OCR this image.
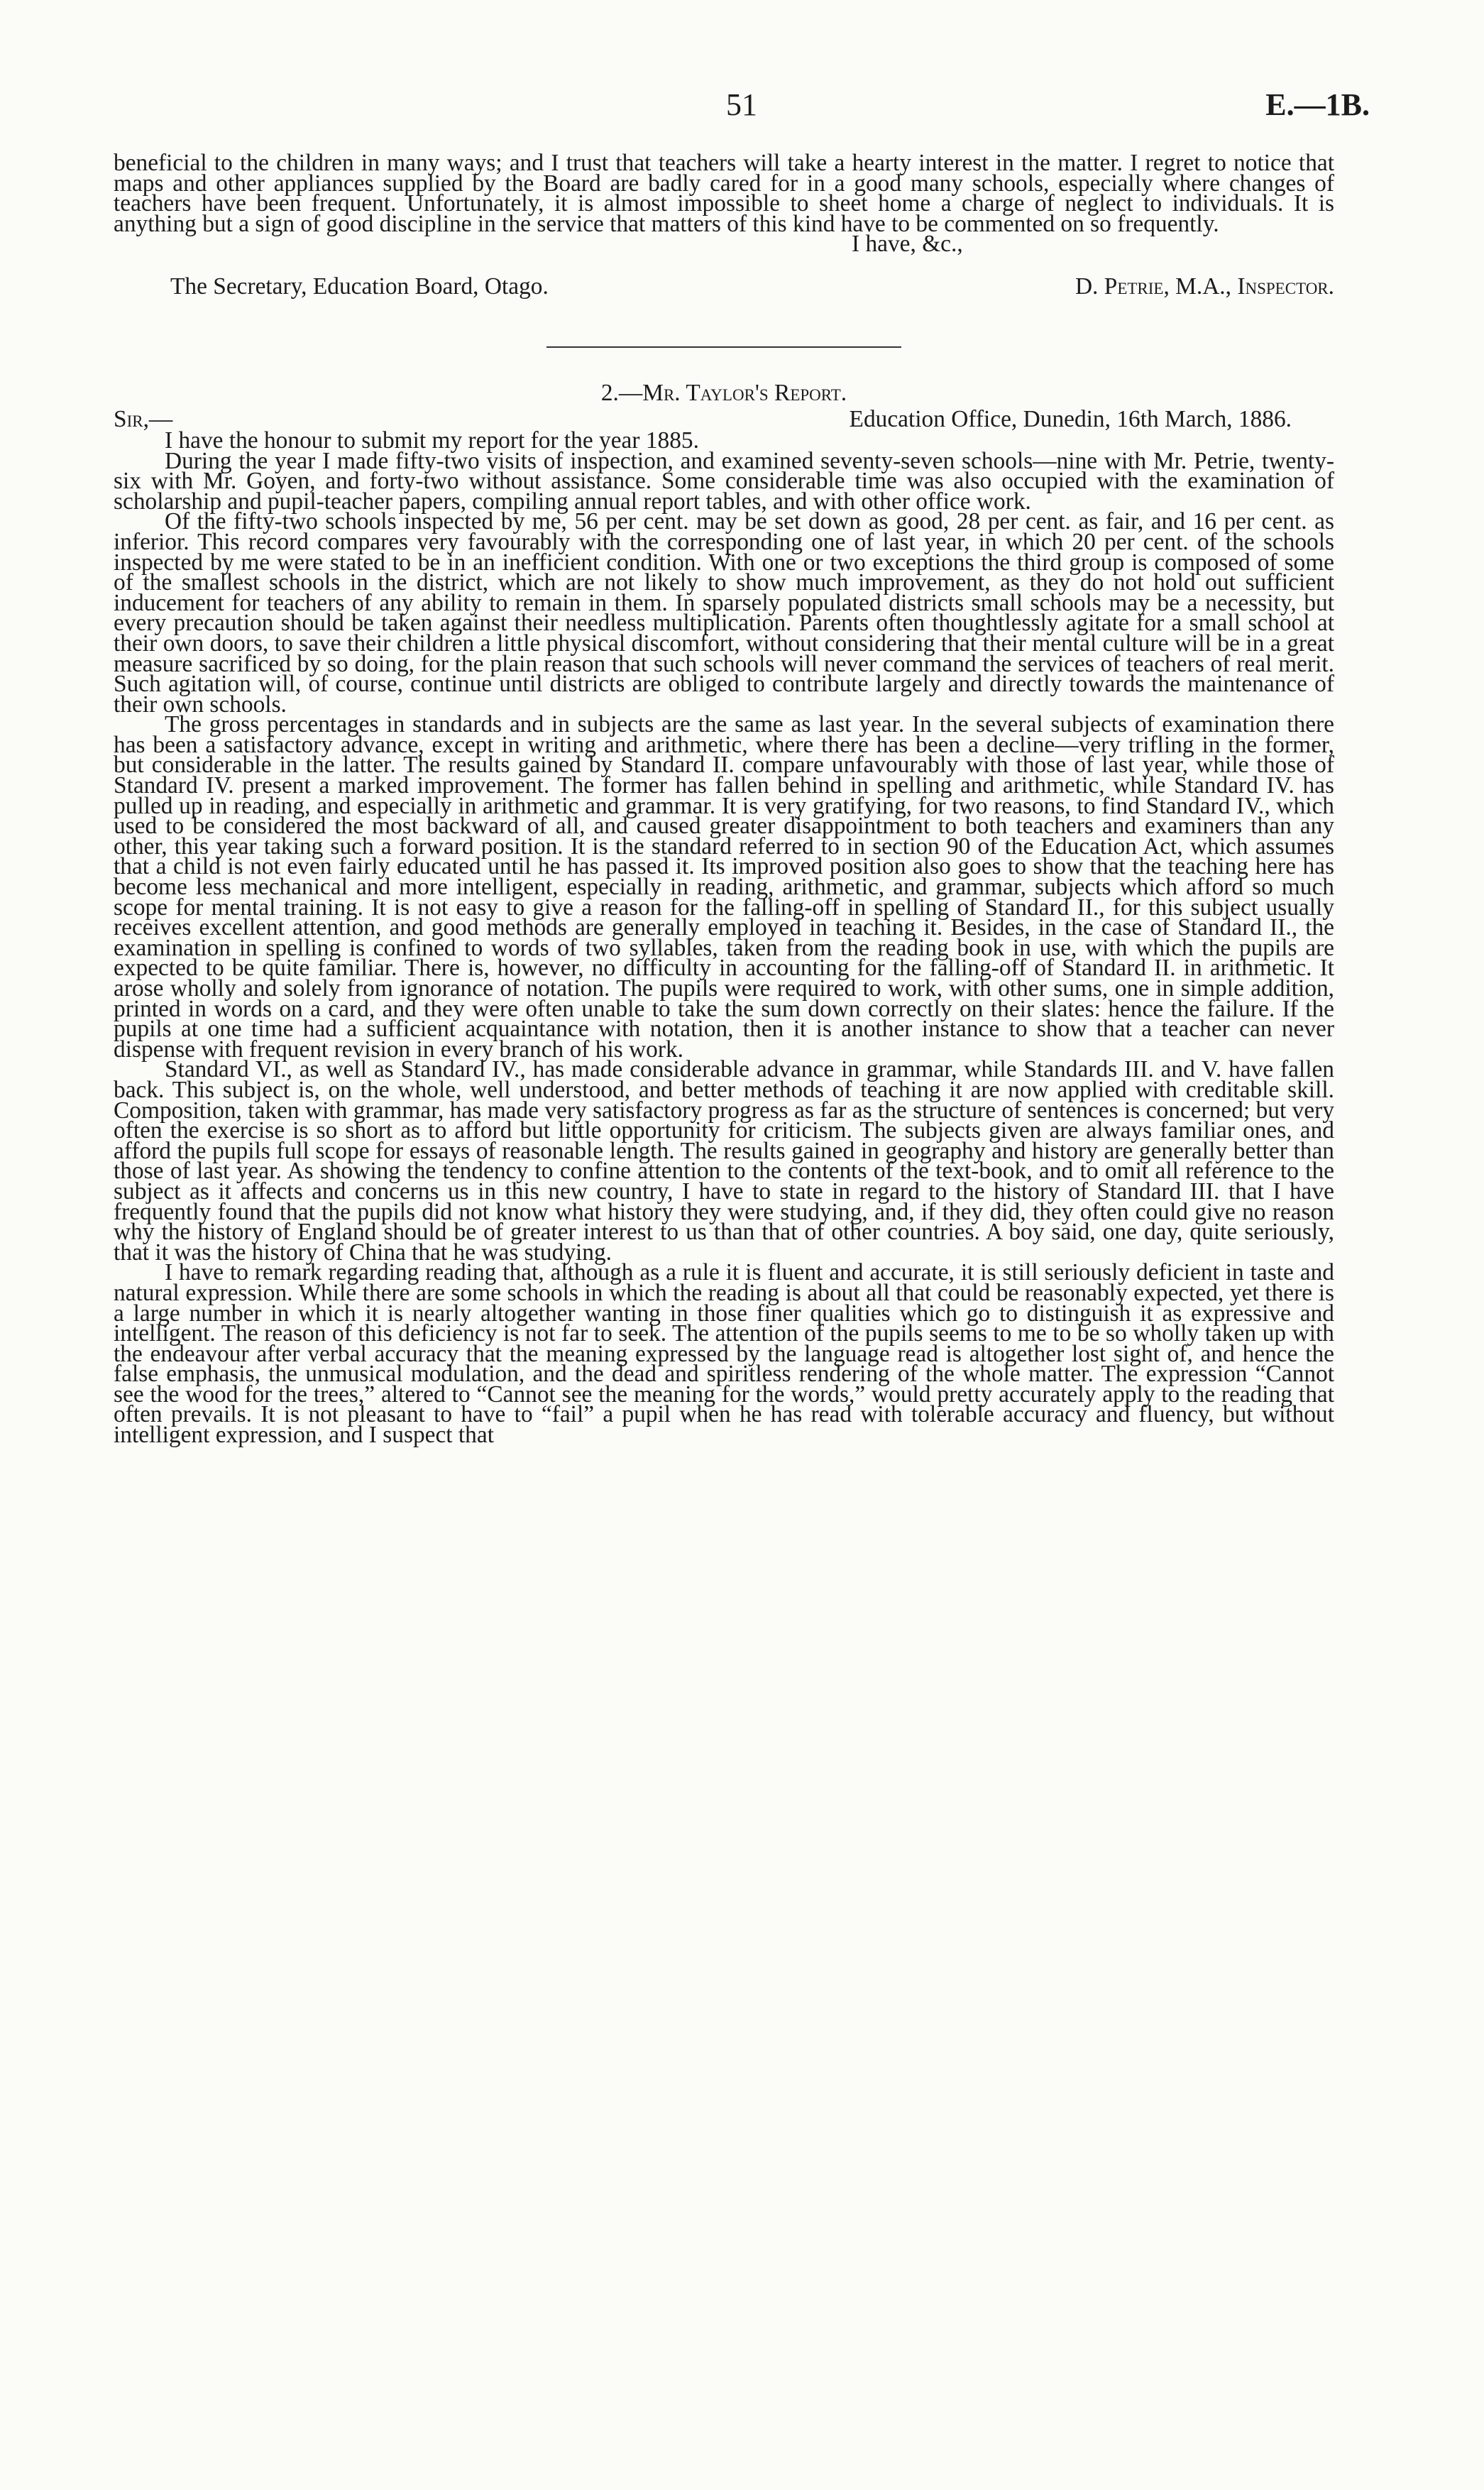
51	E.—1B.

beneficial to the children in many ways; and I trust that teachers will take a hearty interest in the matter. I regret to notice that maps and other appliances supplied by the Board are badly cared for in a good many schools, especially where changes of teachers have been frequent. Unfortunately, it is almost impossible to sheet home a charge of neglect to individuals. It is anything but a sign of good discipline in the service that matters of this kind have to be commented on so frequently.

I have, &c.,
The Secretary, Education Board, Otago.	D. Petrie, M.A., Inspector.
2.—Mr. Taylor's Report.
Sir,—	Education Office, Dunedin, 16th March, 1886.

I have the honour to submit my report for the year 1885.

During the year I made fifty-two visits of inspection, and examined seventy-seven schools—nine with Mr. Petrie, twenty-six with Mr. Goyen, and forty-two without assistance. Some considerable time was also occupied with the examination of scholarship and pupil-teacher papers, compiling annual report tables, and with other office work.

Of the fifty-two schools inspected by me, 56 per cent. may be set down as good, 28 per cent. as fair, and 16 per cent. as inferior. This record compares very favourably with the corresponding one of last year, in which 20 per cent. of the schools inspected by me were stated to be in an inefficient condition. With one or two exceptions the third group is composed of some of the smallest schools in the district, which are not likely to show much improvement, as they do not hold out sufficient inducement for teachers of any ability to remain in them. In sparsely populated districts small schools may be a necessity, but every precaution should be taken against their needless multiplication. Parents often thoughtlessly agitate for a small school at their own doors, to save their children a little physical discomfort, without considering that their mental culture will be in a great measure sacrificed by so doing, for the plain reason that such schools will never command the services of teachers of real merit. Such agitation will, of course, continue until districts are obliged to contribute largely and directly towards the maintenance of their own schools.

The gross percentages in standards and in subjects are the same as last year. In the several subjects of examination there has been a satisfactory advance, except in writing and arithmetic, where there has been a decline—very trifling in the former, but considerable in the latter. The results gained by Standard II. compare unfavourably with those of last year, while those of Standard IV. present a marked improvement. The former has fallen behind in spelling and arithmetic, while Standard IV. has pulled up in reading, and especially in arithmetic and grammar. It is very gratifying, for two reasons, to find Standard IV., which used to be considered the most backward of all, and caused greater disappointment to both teachers and examiners than any other, this year taking such a forward position. It is the standard referred to in section 90 of the Education Act, which assumes that a child is not even fairly educated until he has passed it. Its improved position also goes to show that the teaching here has become less mechanical and more intelligent, especially in reading, arithmetic, and grammar, subjects which afford so much scope for mental training. It is not easy to give a reason for the falling-off in spelling of Standard II., for this subject usually receives excellent attention, and good methods are generally employed in teaching it. Besides, in the case of Standard II., the examination in spelling is confined to words of two syllables, taken from the reading book in use, with which the pupils are expected to be quite familiar. There is, however, no difficulty in accounting for the falling-off of Standard II. in arithmetic. It arose wholly and solely from ignorance of notation. The pupils were required to work, with other sums, one in simple addition, printed in words on a card, and they were often unable to take the sum down correctly on their slates: hence the failure. If the pupils at one time had a sufficient acquaintance with notation, then it is another instance to show that a teacher can never dispense with frequent revision in every branch of his work.

Standard VI., as well as Standard IV., has made considerable advance in grammar, while Standards III. and V. have fallen back. This subject is, on the whole, well understood, and better methods of teaching it are now applied with creditable skill. Composition, taken with grammar, has made very satisfactory progress as far as the structure of sentences is concerned; but very often the exercise is so short as to afford but little opportunity for criticism. The subjects given are always familiar ones, and afford the pupils full scope for essays of reasonable length. The results gained in geography and history are generally better than those of last year. As showing the tendency to confine attention to the contents of the text-book, and to omit all reference to the subject as it affects and concerns us in this new country, I have to state in regard to the history of Standard III. that I have frequently found that the pupils did not know what history they were studying, and, if they did, they often could give no reason why the history of England should be of greater interest to us than that of other countries. A boy said, one day, quite seriously, that it was the history of China that he was studying.

I have to remark regarding reading that, although as a rule it is fluent and accurate, it is still seriously deficient in taste and natural expression. While there are some schools in which the reading is about all that could be reasonably expected, yet there is a large number in which it is nearly altogether wanting in those finer qualities which go to distinguish it as expressive and intelligent. The reason of this deficiency is not far to seek. The attention of the pupils seems to me to be so wholly taken up with the endeavour after verbal accuracy that the meaning expressed by the language read is altogether lost sight of, and hence the false emphasis, the unmusical modulation, and the dead and spiritless rendering of the whole matter. The expression “Cannot see the wood for the trees,” altered to “Cannot see the meaning for the words,” would pretty accurately apply to the reading that often prevails. It is not pleasant to have to “fail” a pupil when he has read with tolerable accuracy and fluency, but without intelligent expression, and I suspect that
